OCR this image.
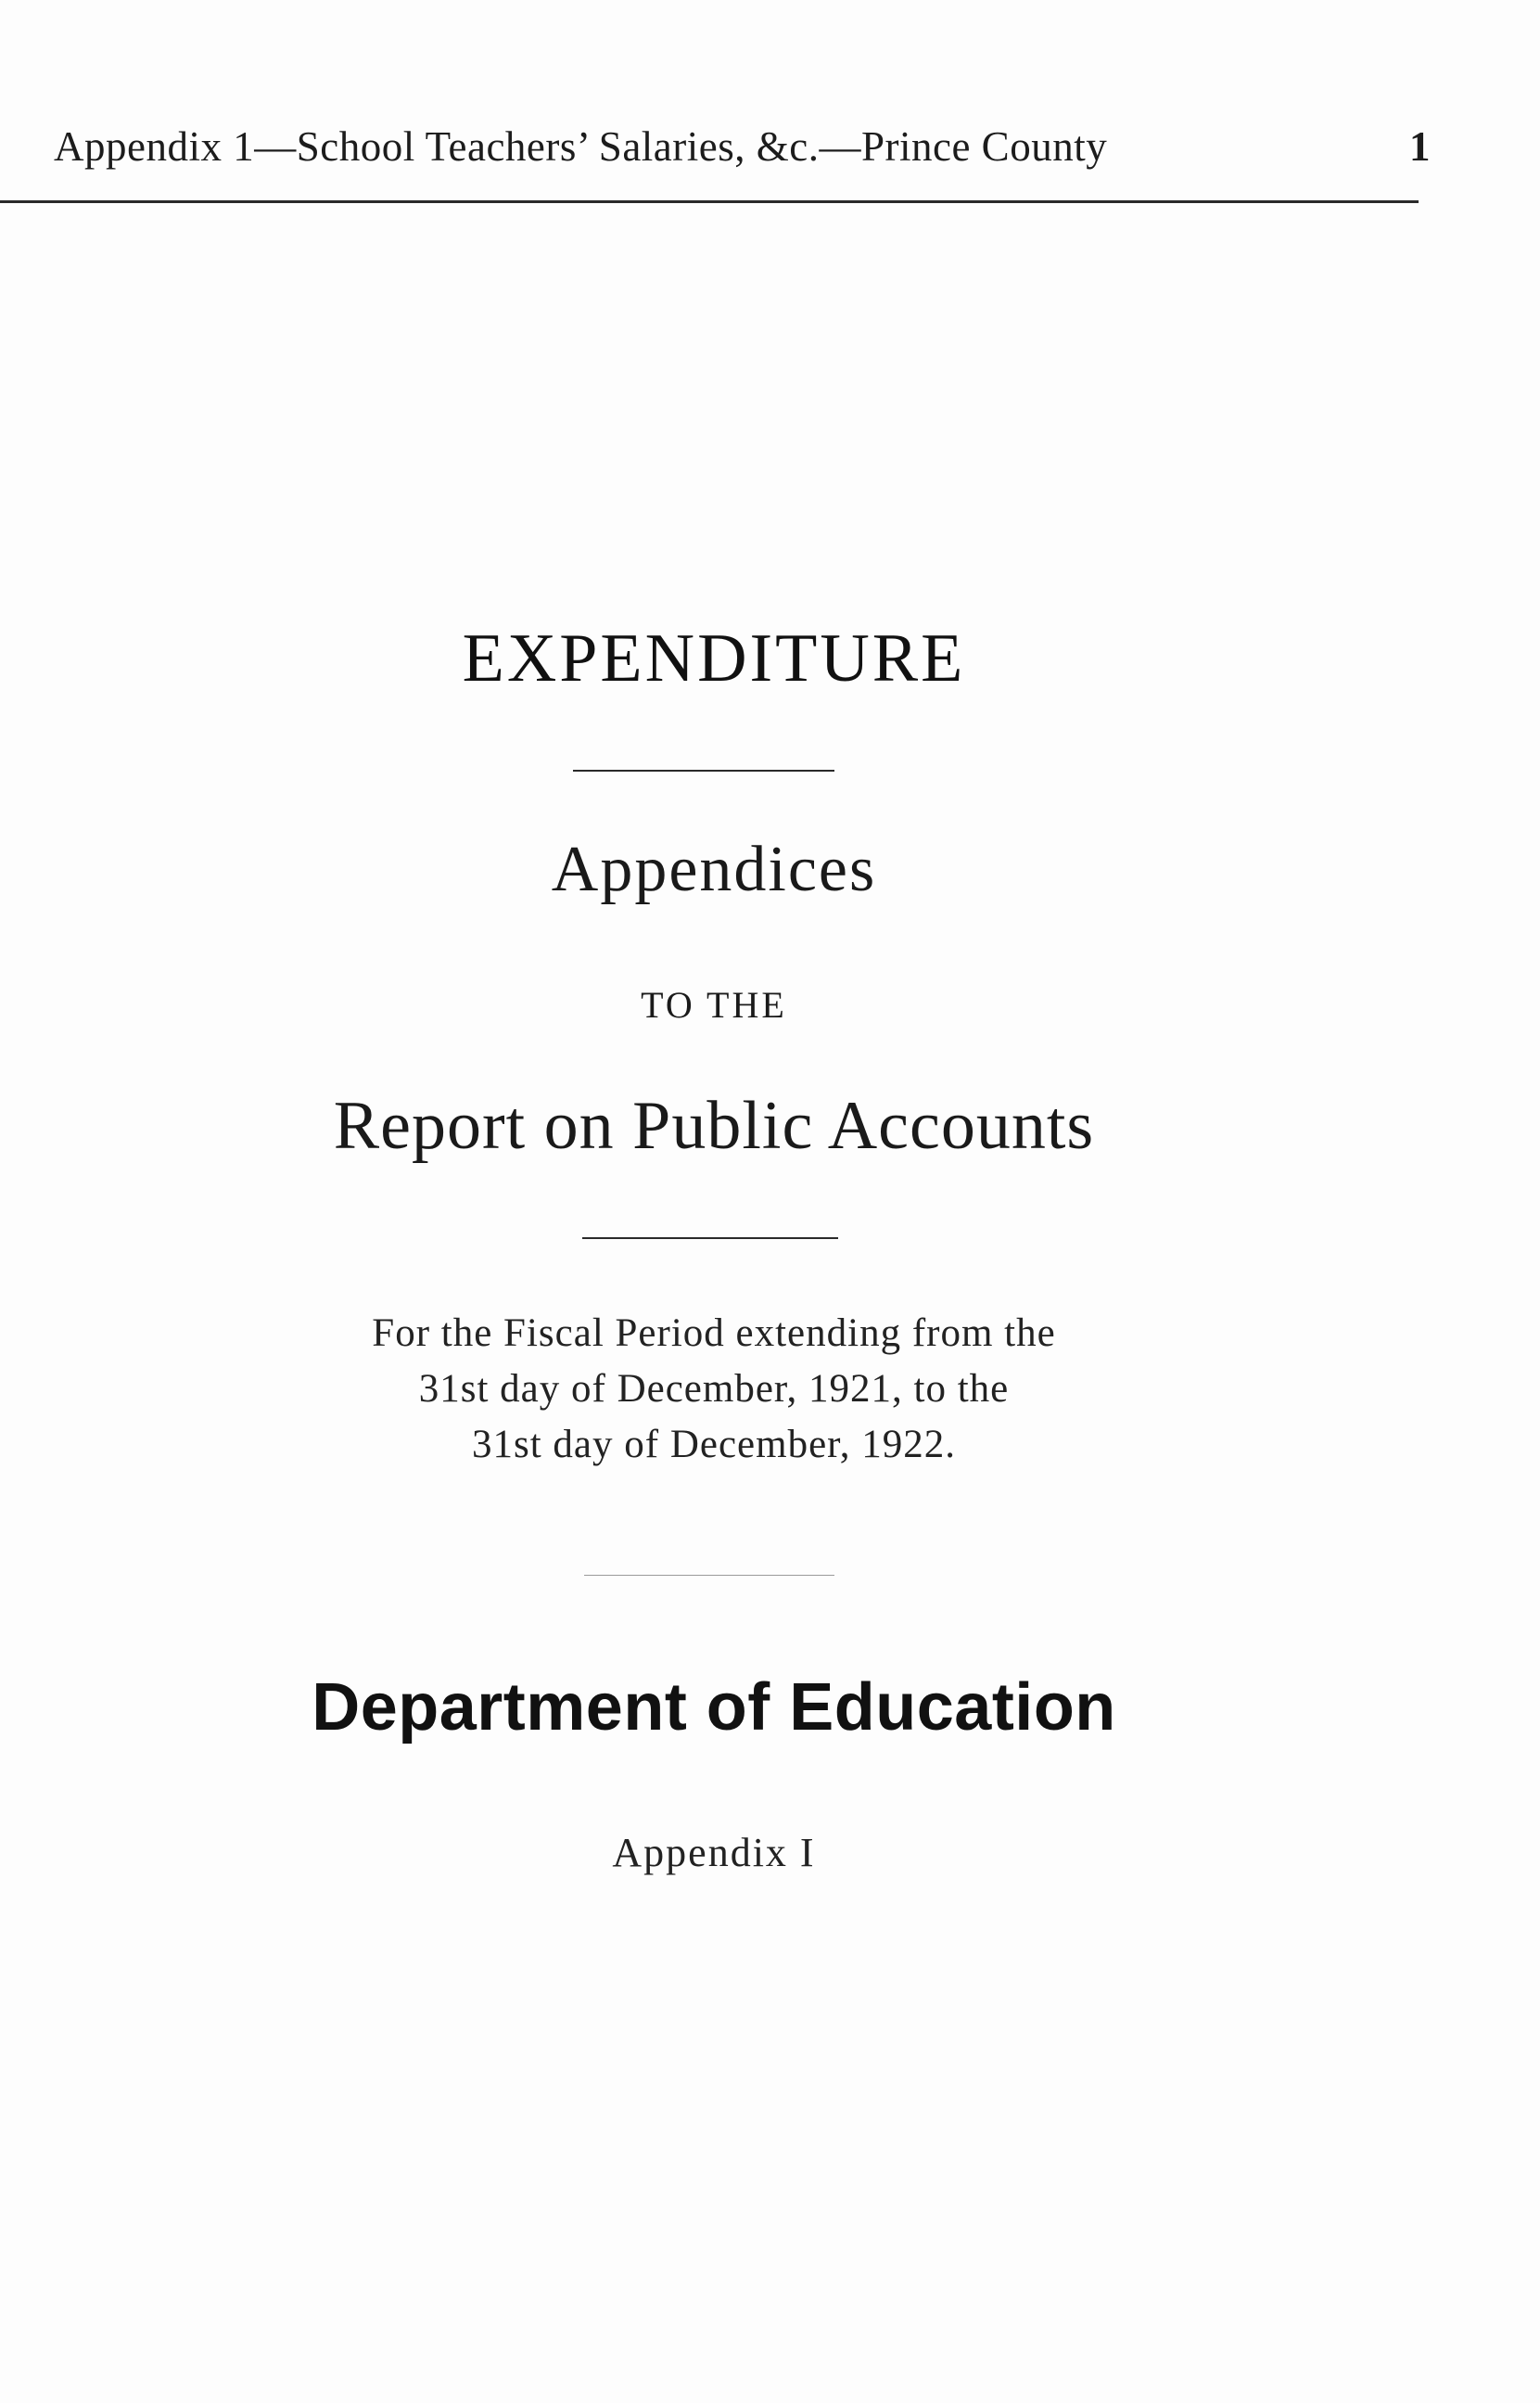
Appendix 1—School Teachers’ Salaries, &c.—Prince County	1
EXPENDITURE
Appendices
TO THE
Report on Public Accounts
For the Fiscal Period extending from the
31st day of December, 1921, to the
31st day of December, 1922.
Department of Education
Appendix I
